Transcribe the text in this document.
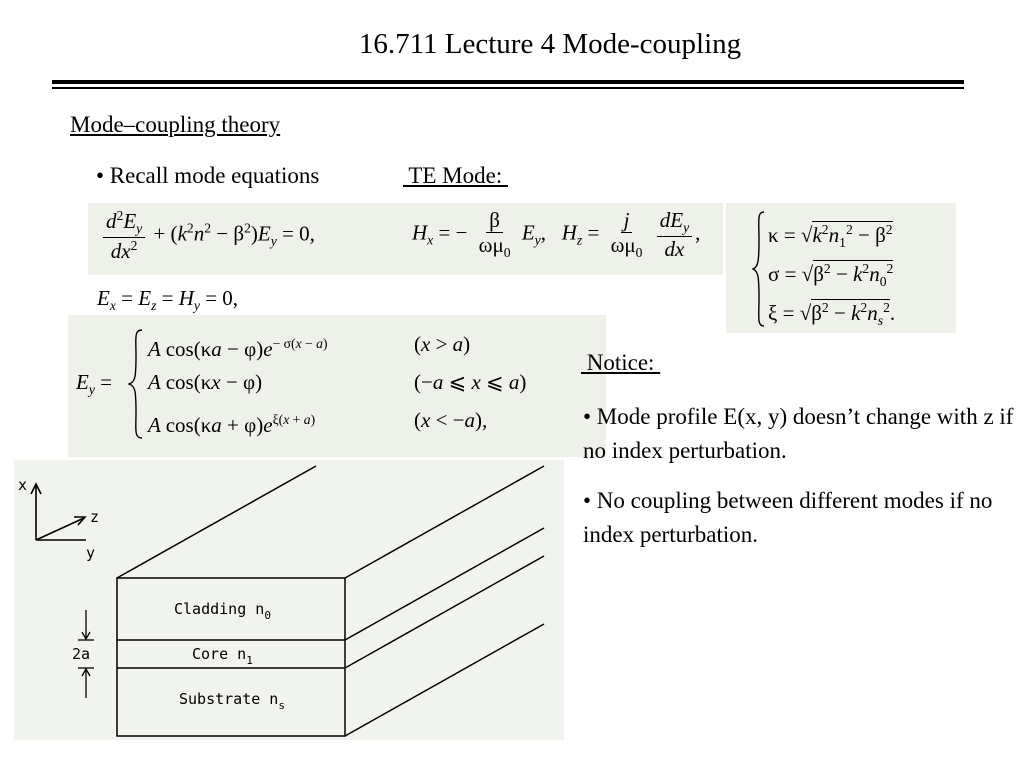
16.711 Lecture 4 Mode-coupling
Mode–coupling theory
• Recall mode equations	TE Mode:
$\frac{d^2E_y}{dx^2} + (k^2n^2 - \beta^2)E_y = 0$,	$H_x$ = − $\frac{\beta}{\omega\mu_0} E_y$,   $H_z = \frac{j}{\omega\mu_0}$
$\frac{dE_y}{dx}$ ,	$\kappa = √k^2n_1^2 - \beta^2$
$\sigma = √\beta^2 - k^2n_0^2$
$\xi = √\beta^2 - k^2n_s^2$.
$E_x = E_z = H_y = 0$,
$E_y$ =
A $\cos(\kappa a - \varphi)e^{- \sigma(x - a)}$	(x > a)
A cos(κx − φ)	(−a ⩽ x ⩽ a)
A $\cos(\kappa a + \varphi)e^{\xi(x + a)}$	(x < −a),
Notice:
• Mode profile E(x, y) doesn’t change with z if no index perturbation.
• No coupling between different modes if no index perturbation.
x
z
y
2a
Cladding $n_0$
Core $n_1$
Substrate $n_s$
